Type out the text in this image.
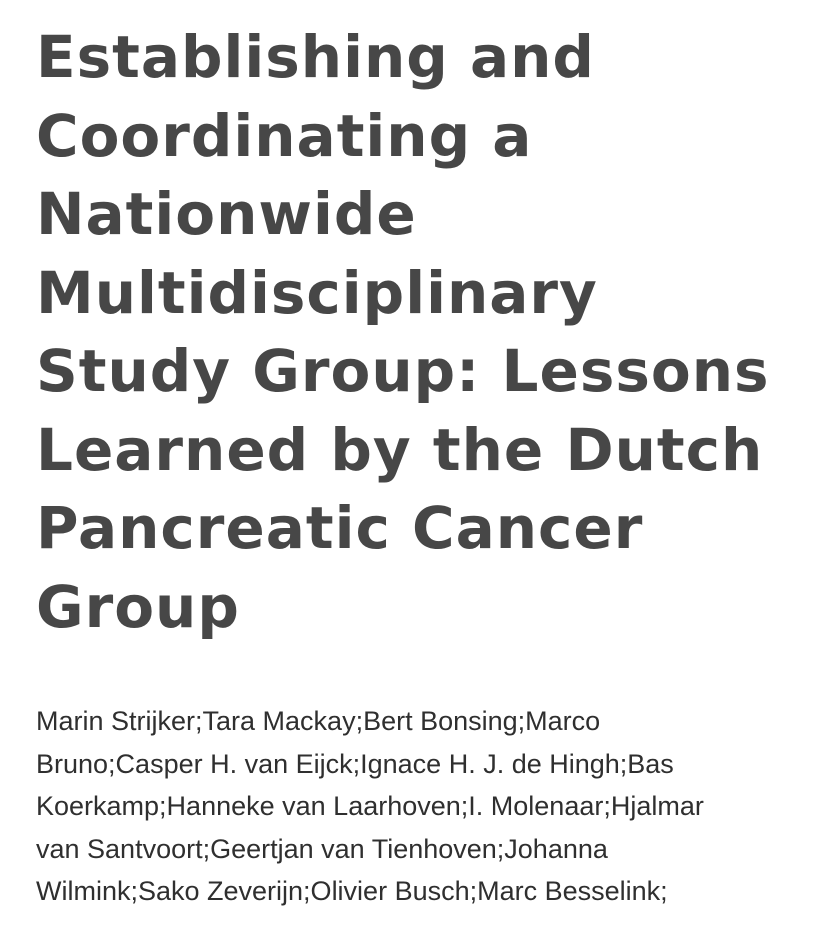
Establishing and Coordinating a Nationwide Multidisciplinary Study Group: Lessons Learned by the Dutch Pancreatic Cancer Group

Marin Strijker;Tara Mackay;Bert Bonsing;Marco Bruno;Casper H. van Eijck;Ignace H. J. de Hingh;Bas Koerkamp;Hanneke van Laarhoven;I. Molenaar;Hjalmar van Santvoort;Geertjan van Tienhoven;Johanna Wilmink;Sako Zeverijn;Olivier Busch;Marc Besselink;
